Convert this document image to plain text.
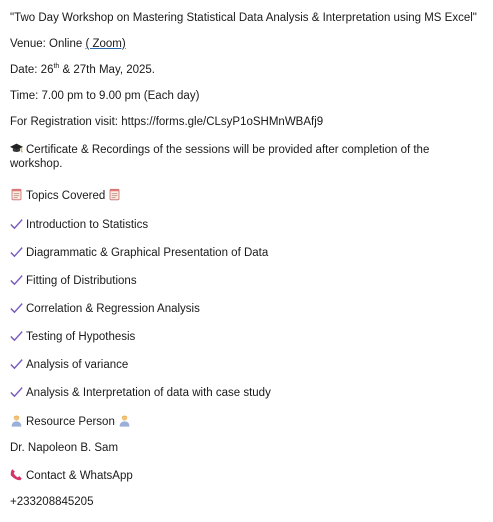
"Two Day Workshop on Mastering Statistical Data Analysis & Interpretation using MS Excel"
Venue: Online ( Zoom)
Date: 26th & 27th May, 2025.
Time: 7.00 pm to 9.00 pm (Each day)
For Registration visit: https://forms.gle/CLsyP1oSHMnWBAfj9
Certificate & Recordings of the sessions will be provided after completion of the workshop.
Topics Covered
Introduction to Statistics
Diagrammatic & Graphical Presentation of Data
Fitting of Distributions
Correlation & Regression Analysis
Testing of Hypothesis
Analysis of variance
Analysis & Interpretation of data with case study
Resource Person
Dr. Napoleon B. Sam
Contact & WhatsApp
+233208845205
